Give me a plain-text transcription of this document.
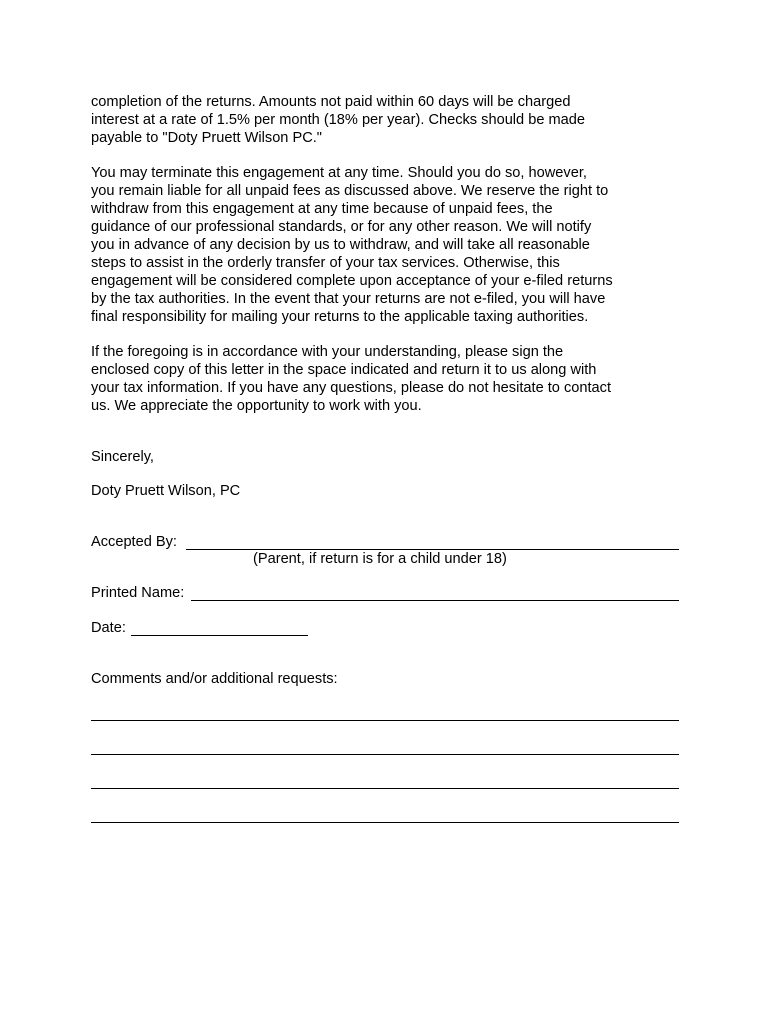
completion of the returns. Amounts not paid within 60 days will be charged
interest at a rate of 1.5% per month (18% per year). Checks should be made
payable to "Doty Pruett Wilson PC."
You may terminate this engagement at any time. Should you do so, however,
you remain liable for all unpaid fees as discussed above. We reserve the right to
withdraw from this engagement at any time because of unpaid fees, the
guidance of our professional standards, or for any other reason. We will notify
you in advance of any decision by us to withdraw, and will take all reasonable
steps to assist in the orderly transfer of your tax services. Otherwise, this
engagement will be considered complete upon acceptance of your e-filed returns
by the tax authorities. In the event that your returns are not e-filed, you will have
final responsibility for mailing your returns to the applicable taxing authorities.
If the foregoing is in accordance with your understanding, please sign the
enclosed copy of this letter in the space indicated and return it to us along with
your tax information. If you have any questions, please do not hesitate to contact
us. We appreciate the opportunity to work with you.
Sincerely,
Doty Pruett Wilson, PC
Accepted By:
(Parent, if return is for a child under 18)
Printed Name:
Date:
Comments and/or additional requests:
